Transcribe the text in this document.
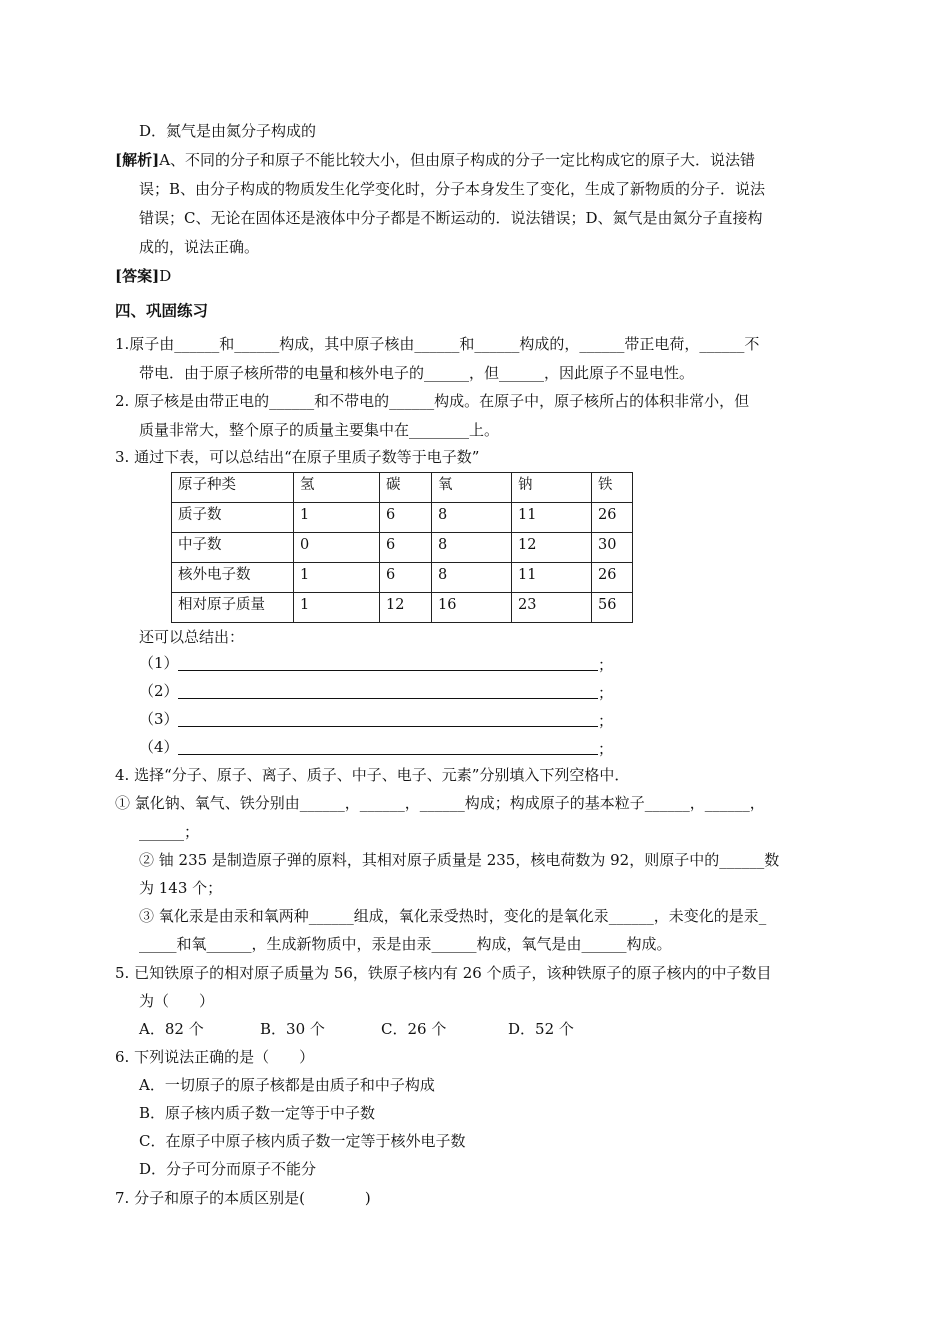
D．氮气是由氮分子构成的
[解析]A、不同的分子和原子不能比较大小，但由原子构成的分子一定比构成它的原子大．说法错
误；B、由分子构成的物质发生化学变化时，分子本身发生了变化，生成了新物质的分子．说法
错误；C、无论在固体还是液体中分子都是不断运动的．说法错误；D、氮气是由氮分子直接构
成的，说法正确。
[答案]D
四、巩固练习
1.原子由______和______构成，其中原子核由______和______构成的，______带正电荷，______不
带电．由于原子核所带的电量和核外电子的______，但______，因此原子不显电性。
2. 原子核是由带正电的______和不带电的______构成。在原子中，原子核所占的体积非常小，但
质量非常大，整个原子的质量主要集中在________上。
3. 通过下表，可以总结出“在原子里质子数等于电子数”
原子种类	氢	碳	氧	钠	铁
质子数	1	6	8	11	26
中子数	0	6	8	12	30
核外电子数	1	6	8	11	26
相对原子质量	1	12	16	23	56
还可以总结出：
（1）	；
（2）	；
（3）	；
（4）	；
4. 选择“分子、原子、离子、质子、中子、电子、元素”分别填入下列空格中．
① 氯化钠、氧气、铁分别由______，______，______构成；构成原子的基本粒子______，______，
______；
② 铀 235 是制造原子弹的原料，其相对原子质量是 235，核电荷数为 92，则原子中的______数
为 143 个；
③ 氧化汞是由汞和氧两种______组成，氧化汞受热时，变化的是氧化汞______，未变化的是汞_
_____和氧______，生成新物质中，汞是由汞______构成，氧气是由______构成。
5. 已知铁原子的相对原子质量为 56，铁原子核内有 26 个质子，该种铁原子的原子核内的中子数目
为（　　）
A．82 个	B．30 个	C．26 个	D．52 个
6. 下列说法正确的是（　　）
A．一切原子的原子核都是由质子和中子构成
B．原子核内质子数一定等于中子数
C．在原子中原子核内质子数一定等于核外电子数
D．分子可分而原子不能分
7. 分子和原子的本质区别是(　　　　)
